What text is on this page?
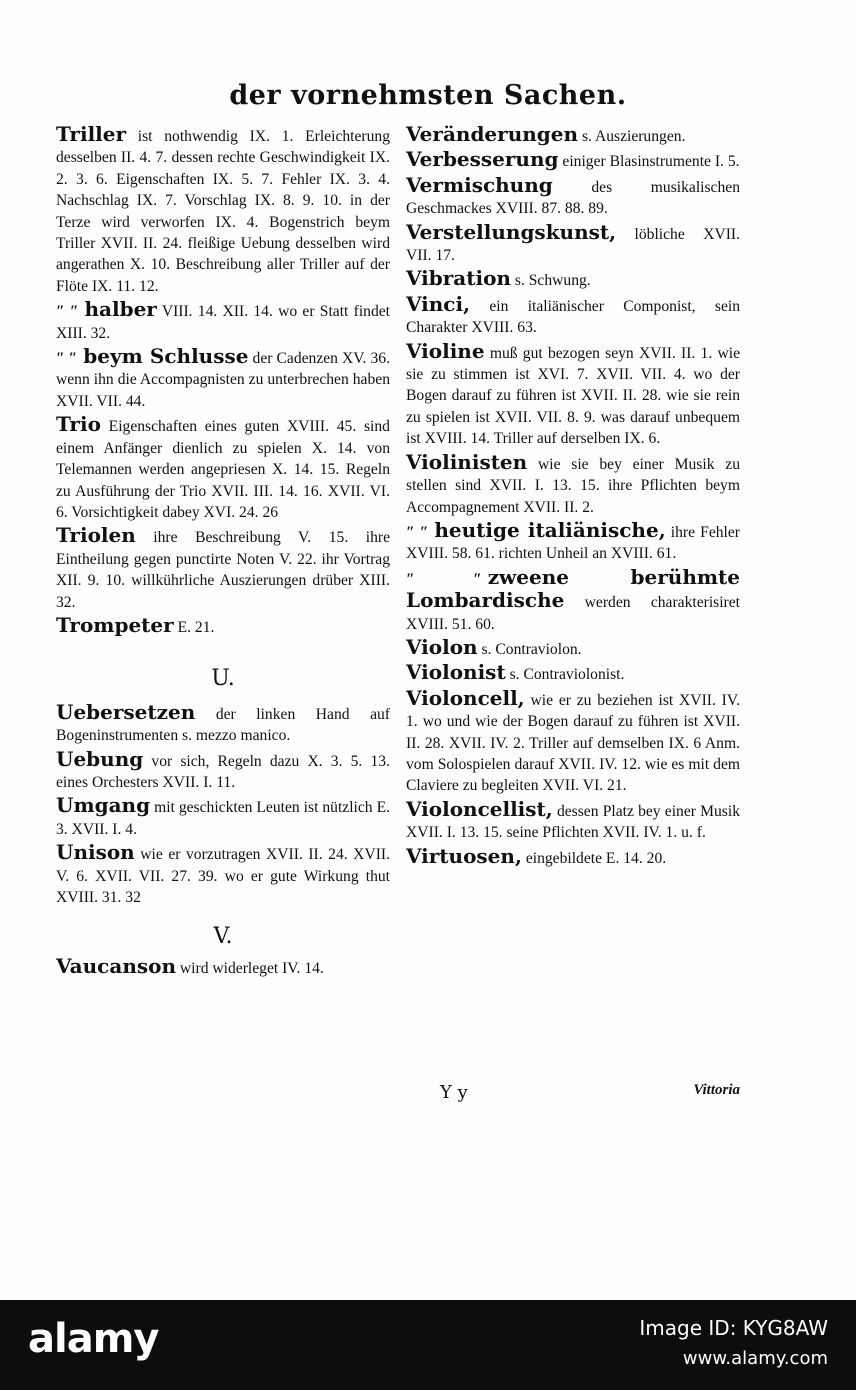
der vornehmsten Sachen.
Triller ist nothwendig IX. 1. Erleichterung desselben II. 4. 7. dessen rechte Geschwindigkeit IX. 2. 3. 6. Eigenschaften IX. 5. 7. Fehler IX. 3. 4. Nachschlag IX. 7. Vorschlag IX. 8. 9. 10. in der Terze wird verworfen IX. 4. Bogenstrich beym Triller XVII. II. 24. fleißige Uebung desselben wird angerathen X. 10. Beschreibung aller Triller auf der Flöte IX. 11. 12.
″ ″ halber VIII. 14. XII. 14. wo er Statt findet XIII. 32.
″ ″ beym Schlusse der Cadenzen XV. 36. wenn ihn die Accompagnisten zu unterbrechen haben XVII. VII. 44.
Trio Eigenschaften eines guten XVIII. 45. sind einem Anfänger dienlich zu spielen X. 14. von Telemannen werden angepriesen X. 14. 15. Regeln zu Ausführung der Trio XVII. III. 14. 16. XVII. VI. 6. Vorsichtigkeit dabey XVI. 24. 26
Triolen ihre Beschreibung V. 15. ihre Eintheilung gegen punctirte Noten V. 22. ihr Vortrag XII. 9. 10. willkührliche Auszierungen drüber XIII. 32.
Trompeter E. 21.
U.
Uebersetzen der linken Hand auf Bogeninstrumenten s. mezzo manico.
Uebung vor sich, Regeln dazu X. 3. 5. 13. eines Orchesters XVII. I. 11.
Umgang mit geschickten Leuten ist nützlich E. 3. XVII. I. 4.
Unison wie er vorzutragen XVII. II. 24. XVII. V. 6. XVII. VII. 27. 39. wo er gute Wirkung thut XVIII. 31. 32
V.
Vaucanson wird widerleget IV. 14.
Veränderungen s. Auszierungen.
Verbesserung einiger Blasinstrumente I. 5.
Vermischung des musikalischen Geschmackes XVIII. 87. 88. 89.
Verstellungskunst, löbliche XVII. VII. 17.
Vibration s. Schwung.
Vinci, ein italiänischer Componist, sein Charakter XVIII. 63.
Violine muß gut bezogen seyn XVII. II. 1. wie sie zu stimmen ist XVI. 7. XVII. VII. 4. wo der Bogen darauf zu führen ist XVII. II. 28. wie sie rein zu spielen ist XVII. VII. 8. 9. was darauf unbequem ist XVIII. 14. Triller auf derselben IX. 6.
Violinisten wie sie bey einer Musik zu stellen sind XVII. I. 13. 15. ihre Pflichten beym Accompagnement XVII. II. 2.
″ ″ heutige italiänische, ihre Fehler XVIII. 58. 61. richten Unheil an XVIII. 61.
″ ″ zweene berühmte Lombardische werden charakterisiret XVIII. 51. 60.
Violon s. Contraviolon.
Violonist s. Contraviolonist.
Violoncell, wie er zu beziehen ist XVII. IV. 1. wo und wie der Bogen darauf zu führen ist XVII. II. 28. XVII. IV. 2. Triller auf demselben IX. 6 Anm. vom Solospielen darauf XVII. IV. 12. wie es mit dem Claviere zu begleiten XVII. VI. 21.
Violoncellist, dessen Platz bey einer Musik XVII. I. 13. 15. seine Pflichten XVII. IV. 1. u. f.
Virtuosen, eingebildete E. 14. 20.
Y y	Vittoria
alamy	Image ID: KYG8AW
www.alamy.com
